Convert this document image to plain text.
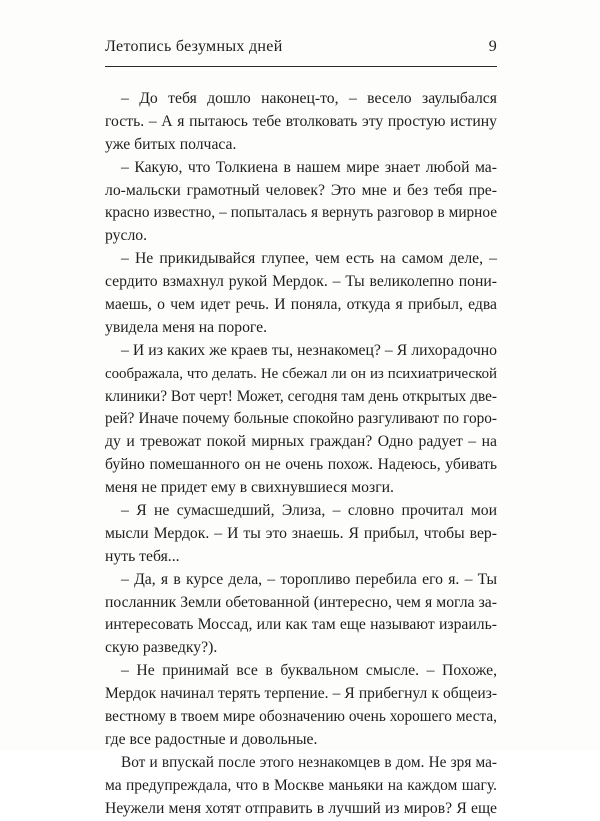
Летопись безумных дней	9
– До тебя дошло наконец-то, – весело заулыбался
гость. – А я пытаюсь тебе втолковать эту простую истину
уже битых полчаса.
– Какую, что Толкиена в нашем мире знает любой ма-
ло-мальски грамотный человек? Это мне и без тебя пре-
красно известно, – попыталась я вернуть разговор в мирное
русло.
– Не прикидывайся глупее, чем есть на самом деле, –
сердито взмахнул рукой Мердок. – Ты великолепно пони-
маешь, о чем идет речь. И поняла, откуда я прибыл, едва
увидела меня на пороге.
– И из каких же краев ты, незнакомец? – Я лихорадочно
соображала, что делать. Не сбежал ли он из психиатрической
клиники? Вот черт! Может, сегодня там день открытых две-
рей? Иначе почему больные спокойно разгуливают по горо-
ду и тревожат покой мирных граждан? Одно радует – на
буйно помешанного он не очень похож. Надеюсь, убивать
меня не придет ему в свихнувшиеся мозги.
– Я не сумасшедший, Элиза, – словно прочитал мои
мысли Мердок. – И ты это знаешь. Я прибыл, чтобы вер-
нуть тебя...
– Да, я в курсе дела, – торопливо перебила его я. – Ты
посланник Земли обетованной (интересно, чем я могла за-
интересовать Моссад, или как там еще называют израиль-
скую разведку?).
– Не принимай все в буквальном смысле. – Похоже,
Мердок начинал терять терпение. – Я прибегнул к общеиз-
вестному в твоем мире обозначению очень хорошего места,
где все радостные и довольные.
Вот и впускай после этого незнакомцев в дом. Не зря ма-
ма предупреждала, что в Москве маньяки на каждом шагу.
Неужели меня хотят отправить в лучший из миров? Я еще
